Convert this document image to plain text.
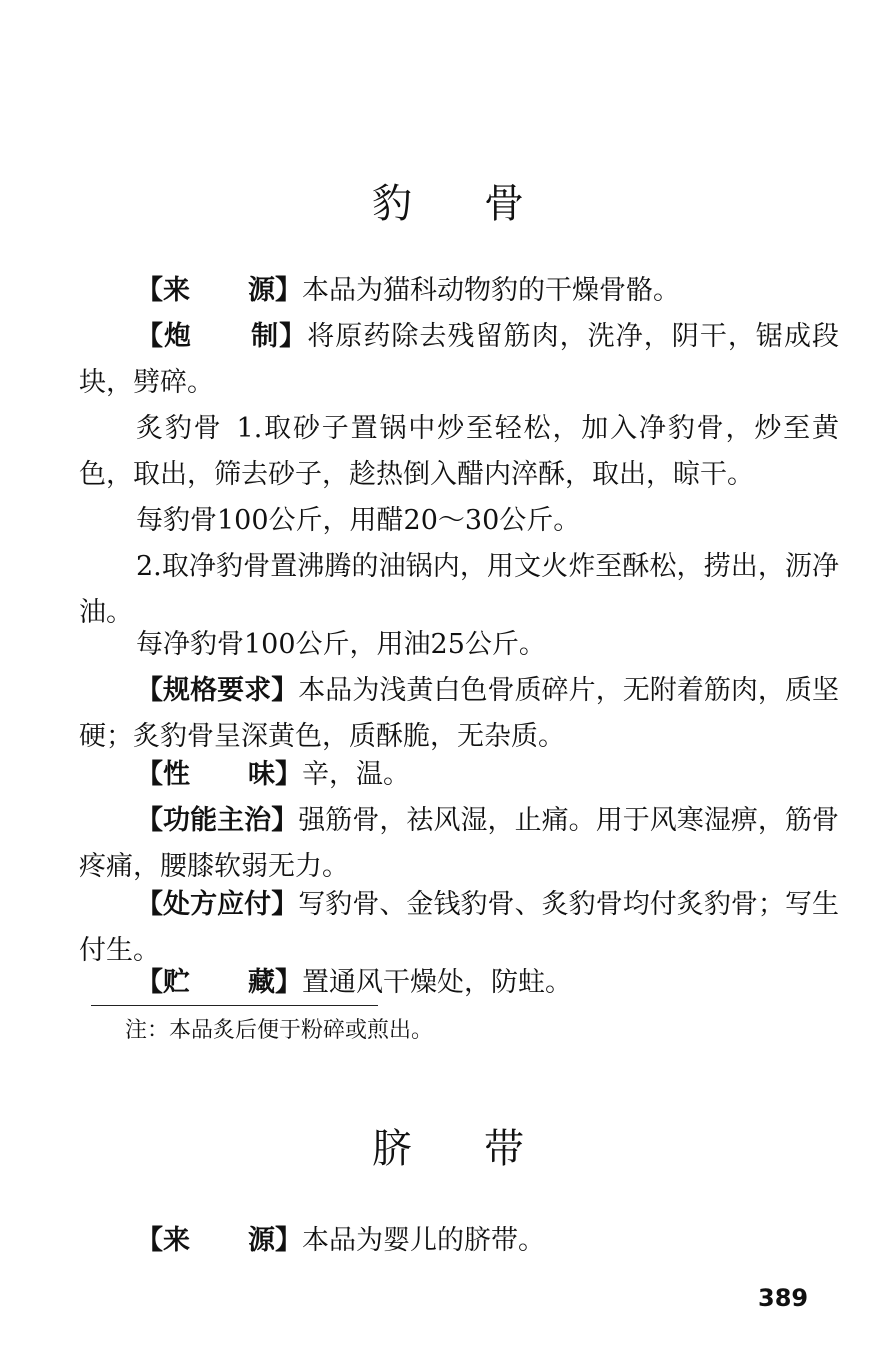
豹骨

【来 源】本品为猫科动物豹的干燥骨骼。

【炮 制】将原药除去残留筋肉，洗净，阴干，锯成段块，劈碎。

炙豹骨 1.取砂子置锅中炒至轻松，加入净豹骨，炒至黄色，取出，筛去砂子，趁热倒入醋内淬酥，取出，晾干。

每豹骨100公斤，用醋20～30公斤。

2.取净豹骨置沸腾的油锅内，用文火炸至酥松，捞出，沥净油。

每净豹骨100公斤，用油25公斤。

【规格要求】本品为浅黄白色骨质碎片，无附着筋肉，质坚硬；炙豹骨呈深黄色，质酥脆，无杂质。

【性 味】辛，温。

【功能主治】强筋骨，祛风湿，止痛。用于风寒湿痹，筋骨疼痛，腰膝软弱无力。

【处方应付】写豹骨、金钱豹骨、炙豹骨均付炙豹骨；写生付生。

【贮 藏】置通风干燥处，防蛀。

注：本品炙后便于粉碎或煎出。
脐带

【来 源】本品为婴儿的脐带。

389
